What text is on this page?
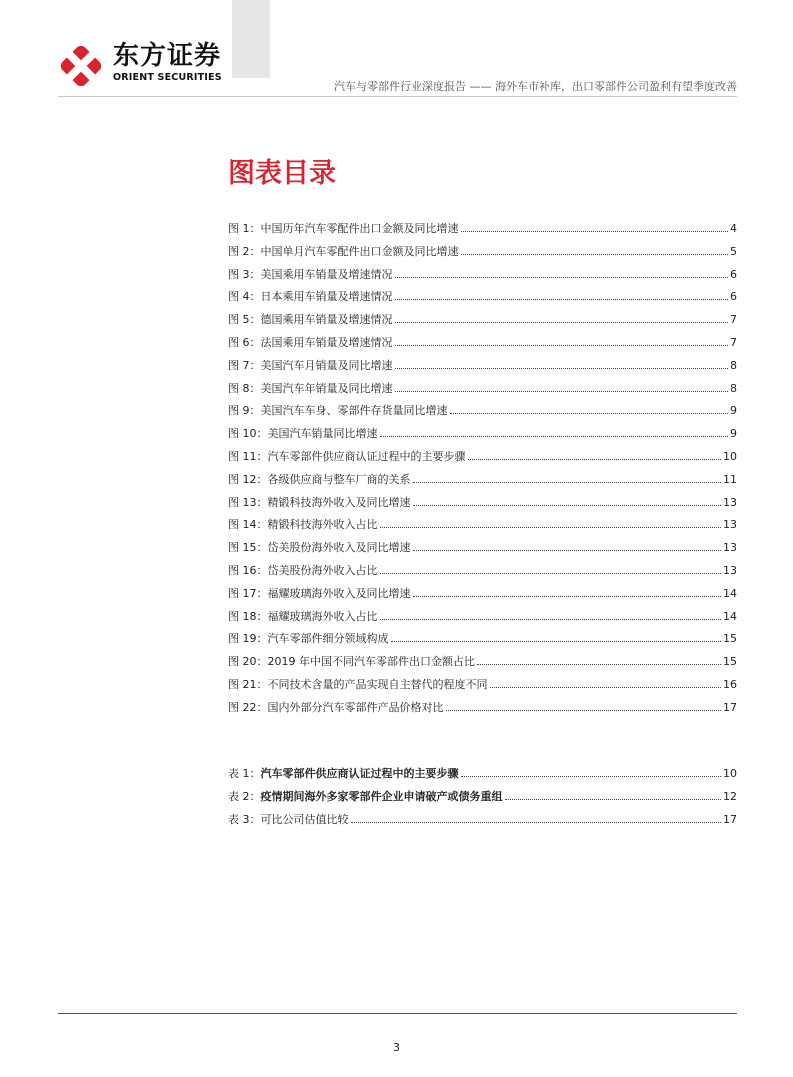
东方证券
ORIENT SECURITIES
汽车与零部件行业深度报告 —— 海外车市补库，出口零部件公司盈利有望季度改善
图表目录
图 1： 中国历年汽车零配件出口金额及同比增速	4
图 2： 中国单月汽车零配件出口金额及同比增速	5
图 3： 美国乘用车销量及增速情况	6
图 4： 日本乘用车销量及增速情况	6
图 5： 德国乘用车销量及增速情况	7
图 6： 法国乘用车销量及增速情况	7
图 7： 美国汽车月销量及同比增速	8
图 8： 美国汽车年销量及同比增速	8
图 9： 美国汽车车身、零部件存货量同比增速	9
图 10： 美国汽车销量同比增速	9
图 11： 汽车零部件供应商认证过程中的主要步骤	10
图 12： 各级供应商与整车厂商的关系	11
图 13： 精锻科技海外收入及同比增速	13
图 14： 精锻科技海外收入占比	13
图 15： 岱美股份海外收入及同比增速	13
图 16： 岱美股份海外收入占比	13
图 17： 福耀玻璃海外收入及同比增速	14
图 18： 福耀玻璃海外收入占比	14
图 19： 汽车零部件细分领域构成	15
图 20： 2019 年中国不同汽车零部件出口金额占比	15
图 21： 不同技术含量的产品实现自主替代的程度不同	16
图 22： 国内外部分汽车零部件产品价格对比	17
表 1： 汽车零部件供应商认证过程中的主要步骤	10
表 2： 疫情期间海外多家零部件企业申请破产或债务重组	12
表 3： 可比公司估值比较	17
3
